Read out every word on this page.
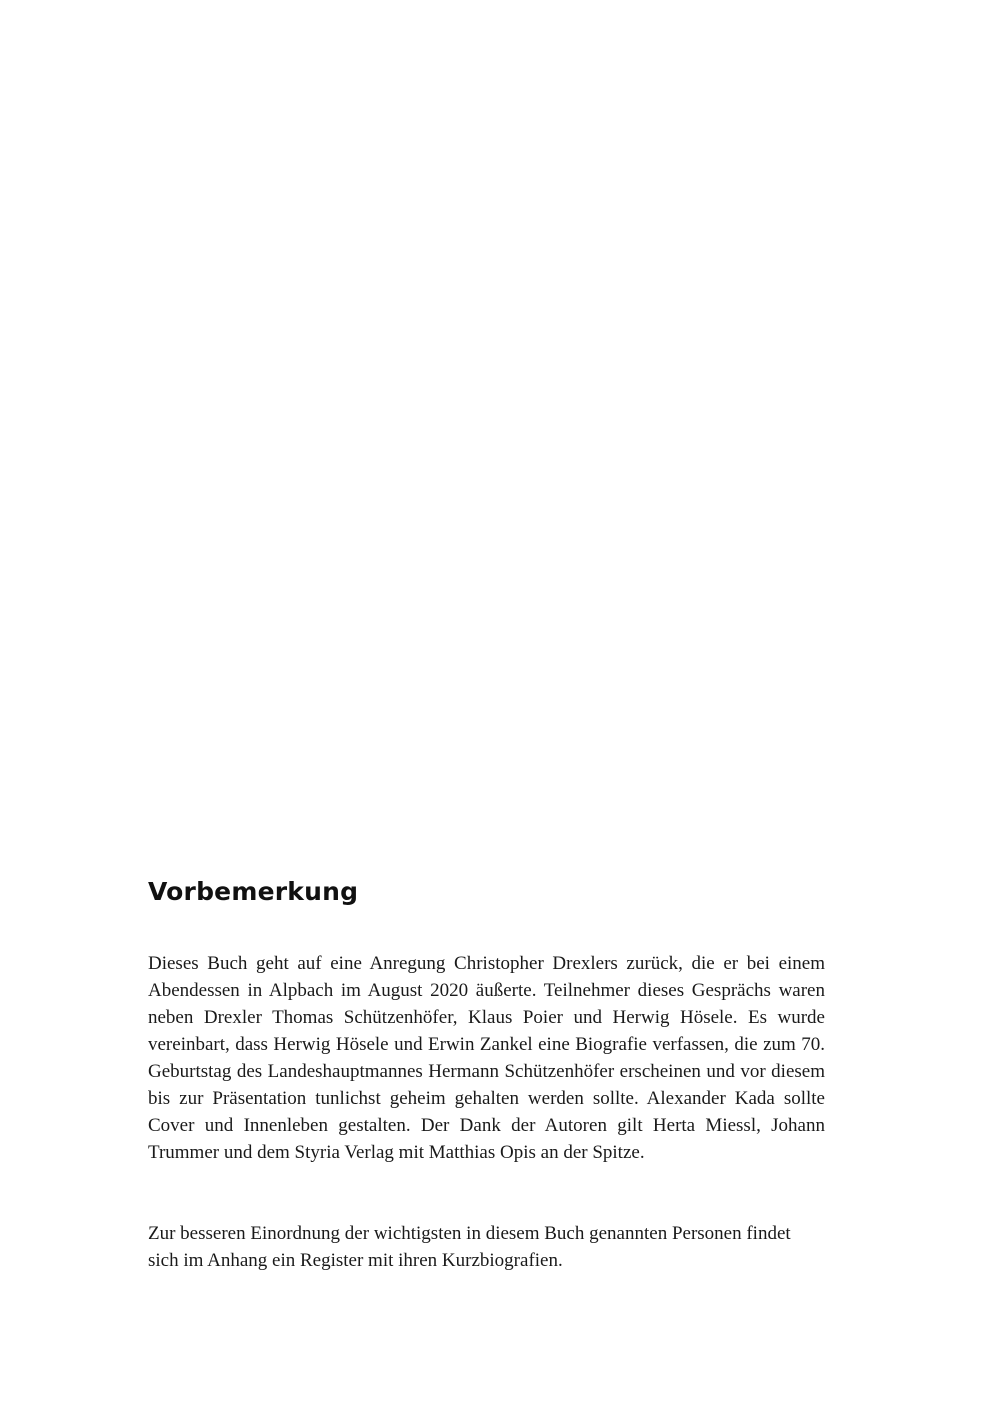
Vorbemerkung

Dieses Buch geht auf eine Anregung Christopher Drexlers zurück, die er bei einem Abendessen in Alpbach im August 2020 äußerte. Teilnehmer dieses Gesprächs waren neben Drexler Thomas Schützenhöfer, Klaus Poier und Herwig Hösele. Es wurde vereinbart, dass Herwig Hösele und Erwin Zankel eine Biografie verfassen, die zum 70. Geburtstag des Landeshauptmannes Hermann Schützenhöfer erscheinen und vor diesem bis zur Präsentation tunlichst geheim gehalten werden sollte. Alexander Kada sollte Cover und Innenleben gestalten. Der Dank der Autoren gilt Herta Miessl, Johann Trummer und dem Styria Verlag mit Matthias Opis an der Spitze.

Zur besseren Einordnung der wichtigsten in diesem Buch genannten Personen findet sich im Anhang ein Register mit ihren Kurzbiografien.
